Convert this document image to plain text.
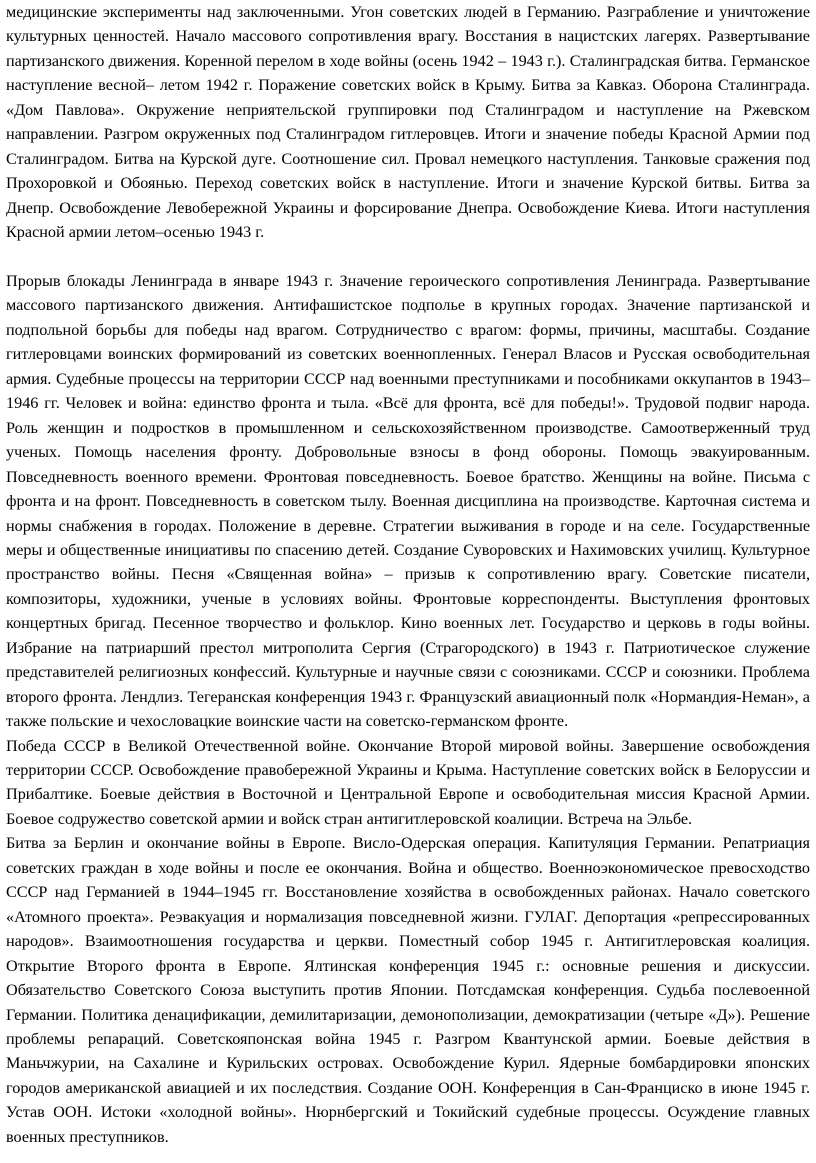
медицинские эксперименты над заключенными. Угон советских людей в Германию. Разграбление и уничтожение культурных ценностей. Начало массового сопротивления врагу. Восстания в нацистских лагерях. Развертывание партизанского движения. Коренной перелом в ходе войны (осень 1942 – 1943 г.). Сталинградская битва. Германское наступление весной– летом 1942 г. Поражение советских войск в Крыму. Битва за Кавказ. Оборона Сталинграда. «Дом Павлова». Окружение неприятельской группировки под Сталинградом и наступление на Ржевском направлении. Разгром окруженных под Сталинградом гитлеровцев. Итоги и значение победы Красной Армии под Сталинградом. Битва на Курской дуге. Соотношение сил. Провал немецкого наступления. Танковые сражения под Прохоровкой и Обоянью. Переход советских войск в наступление. Итоги и значение Курской битвы. Битва за Днепр. Освобождение Левобережной Украины и форсирование Днепра. Освобождение Киева. Итоги наступления Красной армии летом–осенью 1943 г.

Прорыв блокады Ленинграда в январе 1943 г. Значение героического сопротивления Ленинграда. Развертывание массового партизанского движения. Антифашистское подполье в крупных городах. Значение партизанской и подпольной борьбы для победы над врагом. Сотрудничество с врагом: формы, причины, масштабы. Создание гитлеровцами воинских формирований из советских военнопленных. Генерал Власов и Русская освободительная армия. Судебные процессы на территории СССР над военными преступниками и пособниками оккупантов в 1943–1946 гг. Человек и война: единство фронта и тыла. «Всё для фронта, всё для победы!». Трудовой подвиг народа. Роль женщин и подростков в промышленном и сельскохозяйственном производстве. Самоотверженный труд ученых. Помощь населения фронту. Добровольные взносы в фонд обороны. Помощь эвакуированным. Повседневность военного времени. Фронтовая повседневность. Боевое братство. Женщины на войне. Письма с фронта и на фронт. Повседневность в советском тылу. Военная дисциплина на производстве. Карточная система и нормы снабжения в городах. Положение в деревне. Стратегии выживания в городе и на селе. Государственные меры и общественные инициативы по спасению детей. Создание Суворовских и Нахимовских училищ. Культурное пространство войны. Песня «Священная война» – призыв к сопротивлению врагу. Советские писатели, композиторы, художники, ученые в условиях войны. Фронтовые корреспонденты. Выступления фронтовых концертных бригад. Песенное творчество и фольклор. Кино военных лет. Государство и церковь в годы войны. Избрание на патриарший престол митрополита Сергия (Страгородского) в 1943 г. Патриотическое служение представителей религиозных конфессий. Культурные и научные связи с союзниками. СССР и союзники. Проблема второго фронта. Лендлиз. Тегеранская конференция 1943 г. Французский авиационный полк «Нормандия-Неман», а также польские и чехословацкие воинские части на советско-германском фронте.

Победа СССР в Великой Отечественной войне. Окончание Второй мировой войны. Завершение освобождения территории СССР. Освобождение правобережной Украины и Крыма. Наступление советских войск в Белоруссии и Прибалтике. Боевые действия в Восточной и Центральной Европе и освободительная миссия Красной Армии. Боевое содружество советской армии и войск стран антигитлеровской коалиции. Встреча на Эльбе.

Битва за Берлин и окончание войны в Европе. Висло-Одерская операция. Капитуляция Германии. Репатриация советских граждан в ходе войны и после ее окончания. Война и общество. Военноэкономическое превосходство СССР над Германией в 1944–1945 гг. Восстановление хозяйства в освобожденных районах. Начало советского «Атомного проекта». Реэвакуация и нормализация повседневной жизни. ГУЛАГ. Депортация «репрессированных народов». Взаимоотношения государства и церкви. Поместный собор 1945 г. Антигитлеровская коалиция. Открытие Второго фронта в Европе. Ялтинская конференция 1945 г.: основные решения и дискуссии. Обязательство Советского Союза выступить против Японии. Потсдамская конференция. Судьба послевоенной Германии. Политика денацификации, демилитаризации, демонополизации, демократизации (четыре «Д»). Решение проблемы репараций. Советскояпонская война 1945 г. Разгром Квантунской армии. Боевые действия в Маньчжурии, на Сахалине и Курильских островах. Освобождение Курил. Ядерные бомбардировки японских городов американской авиацией и их последствия. Создание ООН. Конференция в Сан-Франциско в июне 1945 г. Устав ООН. Истоки «холодной войны». Нюрнбергский и Токийский судебные процессы. Осуждение главных военных преступников.
